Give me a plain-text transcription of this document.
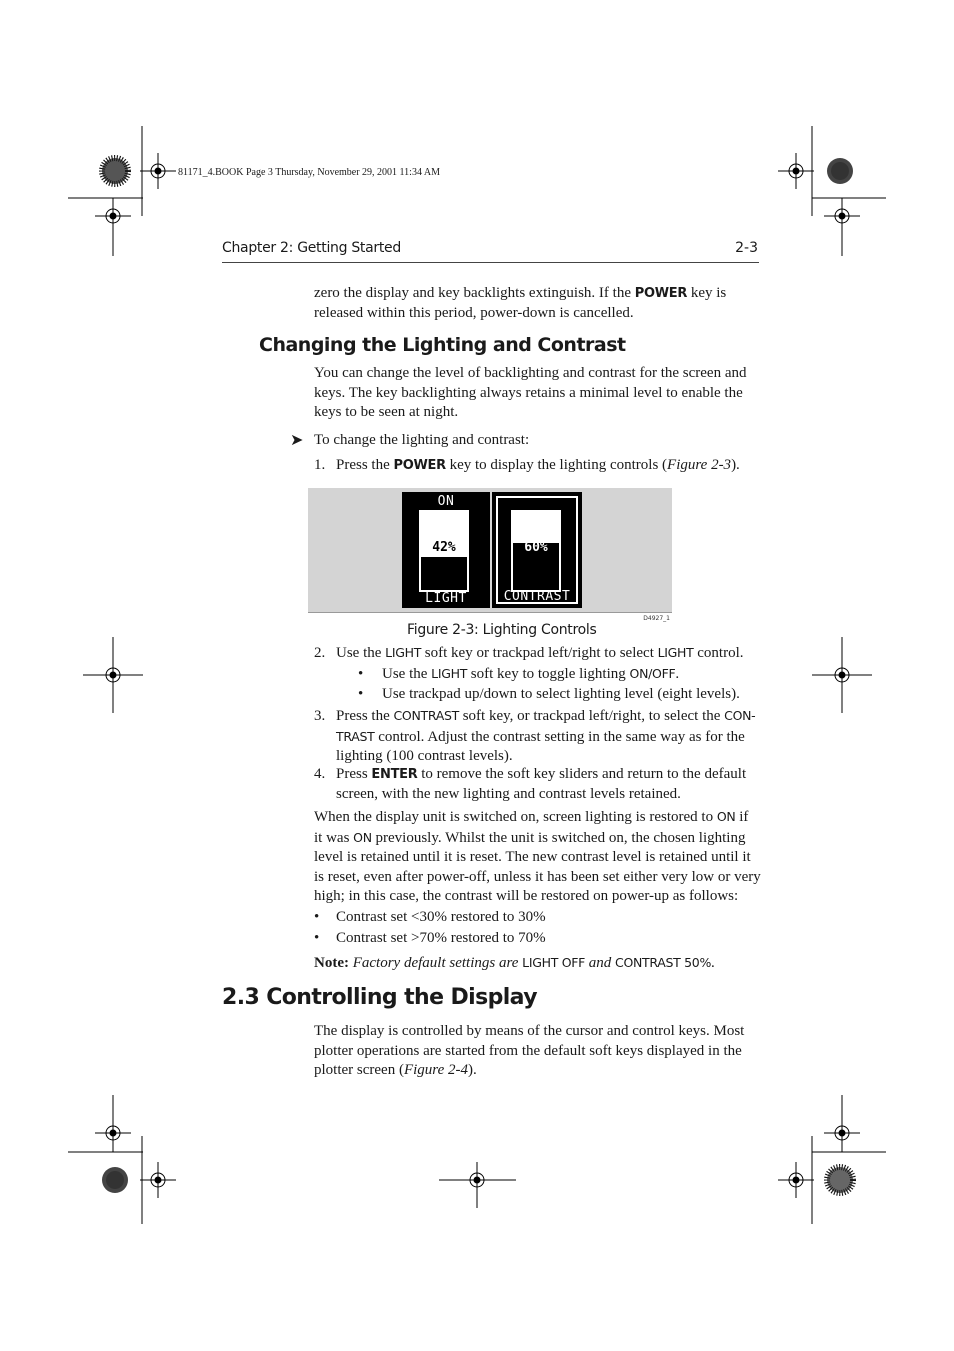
81171_4.BOOK Page 3 Thursday, November 29, 2001 11:34 AM
Chapter 2: Getting Started	2-3
zero the display and key backlights extinguish. If the POWER key is
released within this period, power-down is cancelled.
Changing the Lighting and Contrast
You can change the level of backlighting and contrast for the screen and
keys. The key backlighting always retains a minimal level to enable the
keys to be seen at night.
➤ To change the lighting and contrast:
1. Press the POWER key to display the lighting controls (Figure 2-3).
ON
42%
LIGHT
60%
CONTRAST
D4927_1
Figure 2-3: Lighting Controls
2. Use the LIGHT soft key or trackpad left/right to select LIGHT control.
• Use the LIGHT soft key to toggle lighting ON/OFF.
• Use trackpad up/down to select lighting level (eight levels).
3. Press the CONTRAST soft key, or trackpad left/right, to select the CON-
TRAST control. Adjust the contrast setting in the same way as for the
lighting (100 contrast levels).
4. Press ENTER to remove the soft key sliders and return to the default
screen, with the new lighting and contrast levels retained.
When the display unit is switched on, screen lighting is restored to ON if
it was ON previously. Whilst the unit is switched on, the chosen lighting
level is retained until it is reset. The new contrast level is retained until it
is reset, even after power-off, unless it has been set either very low or very
high; in this case, the contrast will be restored on power-up as follows:
• Contrast set <30% restored to 30%
• Contrast set >70% restored to 70%
Note: Factory default settings are LIGHT OFF and CONTRAST 50%.
2.3 Controlling the Display
The display is controlled by means of the cursor and control keys. Most
plotter operations are started from the default soft keys displayed in the
plotter screen (Figure 2-4).
